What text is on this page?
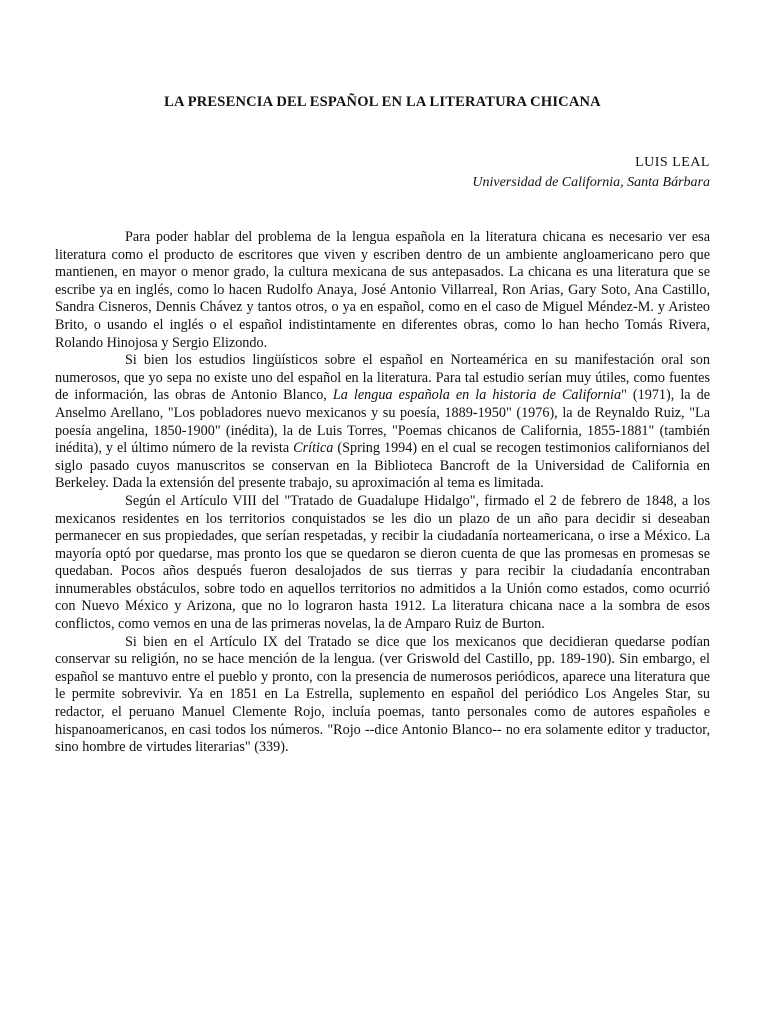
LA PRESENCIA DEL ESPAÑOL EN LA LITERATURA CHICANA
LUIS LEAL
Universidad de California, Santa Bárbara

Para poder hablar del problema de la lengua española en la literatura chicana es necesario ver esa literatura como el producto de escritores que viven y escriben dentro de un ambiente angloamericano pero que mantienen, en mayor o menor grado, la cultura mexicana de sus antepasados. La chicana es una literatura que se escribe ya en inglés, como lo hacen Rudolfo Anaya, José Antonio Villarreal, Ron Arias, Gary Soto, Ana Castillo, Sandra Cisneros, Dennis Chávez y tantos otros, o ya en español, como en el caso de Miguel Méndez-M. y Aristeo Brito, o usando el inglés o el español indistintamente en diferentes obras, como lo han hecho Tomás Rivera, Rolando Hinojosa y Sergio Elizondo.

Si bien los estudios lingüísticos sobre el español en Norteamérica en su manifestación oral son numerosos, que yo sepa no existe uno del español en la literatura. Para tal estudio serían muy útiles, como fuentes de información, las obras de Antonio Blanco, La lengua española en la historia de California" (1971), la de Anselmo Arellano, "Los pobladores nuevo mexicanos y su poesía, 1889-1950" (1976), la de Reynaldo Ruiz, "La poesía angelina, 1850-1900" (inédita), la de Luis Torres, "Poemas chicanos de California, 1855-1881" (también inédita), y el último número de la revista Crítica (Spring 1994) en el cual se recogen testimonios californianos del siglo pasado cuyos manuscritos se conservan en la Biblioteca Bancroft de la Universidad de California en Berkeley. Dada la extensión del presente trabajo, su aproximación al tema es limitada.

Según el Artículo VIII del "Tratado de Guadalupe Hidalgo", firmado el 2 de febrero de 1848, a los mexicanos residentes en los territorios conquistados se les dio un plazo de un año para decidir si deseaban permanecer en sus propiedades, que serían respetadas, y recibir la ciudadanía norteamericana, o irse a México. La mayoría optó por quedarse, mas pronto los que se quedaron se dieron cuenta de que las promesas en promesas se quedaban. Pocos años después fueron desalojados de sus tierras y para recibir la ciudadanía encontraban innumerables obstáculos, sobre todo en aquellos territorios no admitidos a la Unión como estados, como ocurrió con Nuevo México y Arizona, que no lo lograron hasta 1912. La literatura chicana nace a la sombra de esos conflictos, como vemos en una de las primeras novelas, la de Amparo Ruiz de Burton.

Si bien en el Artículo IX del Tratado se dice que los mexicanos que decidieran quedarse podían conservar su religión, no se hace mención de la lengua. (ver Griswold del Castillo, pp. 189-190). Sin embargo, el español se mantuvo entre el pueblo y pronto, con la presencia de numerosos periódicos, aparece una literatura que le permite sobrevivir. Ya en 1851 en La Estrella, suplemento en español del periódico Los Angeles Star, su redactor, el peruano Manuel Clemente Rojo, incluía poemas, tanto personales como de autores españoles e hispanoamericanos, en casi todos los números. "Rojo --dice Antonio Blanco-- no era solamente editor y traductor, sino hombre de virtudes literarias" (339).
